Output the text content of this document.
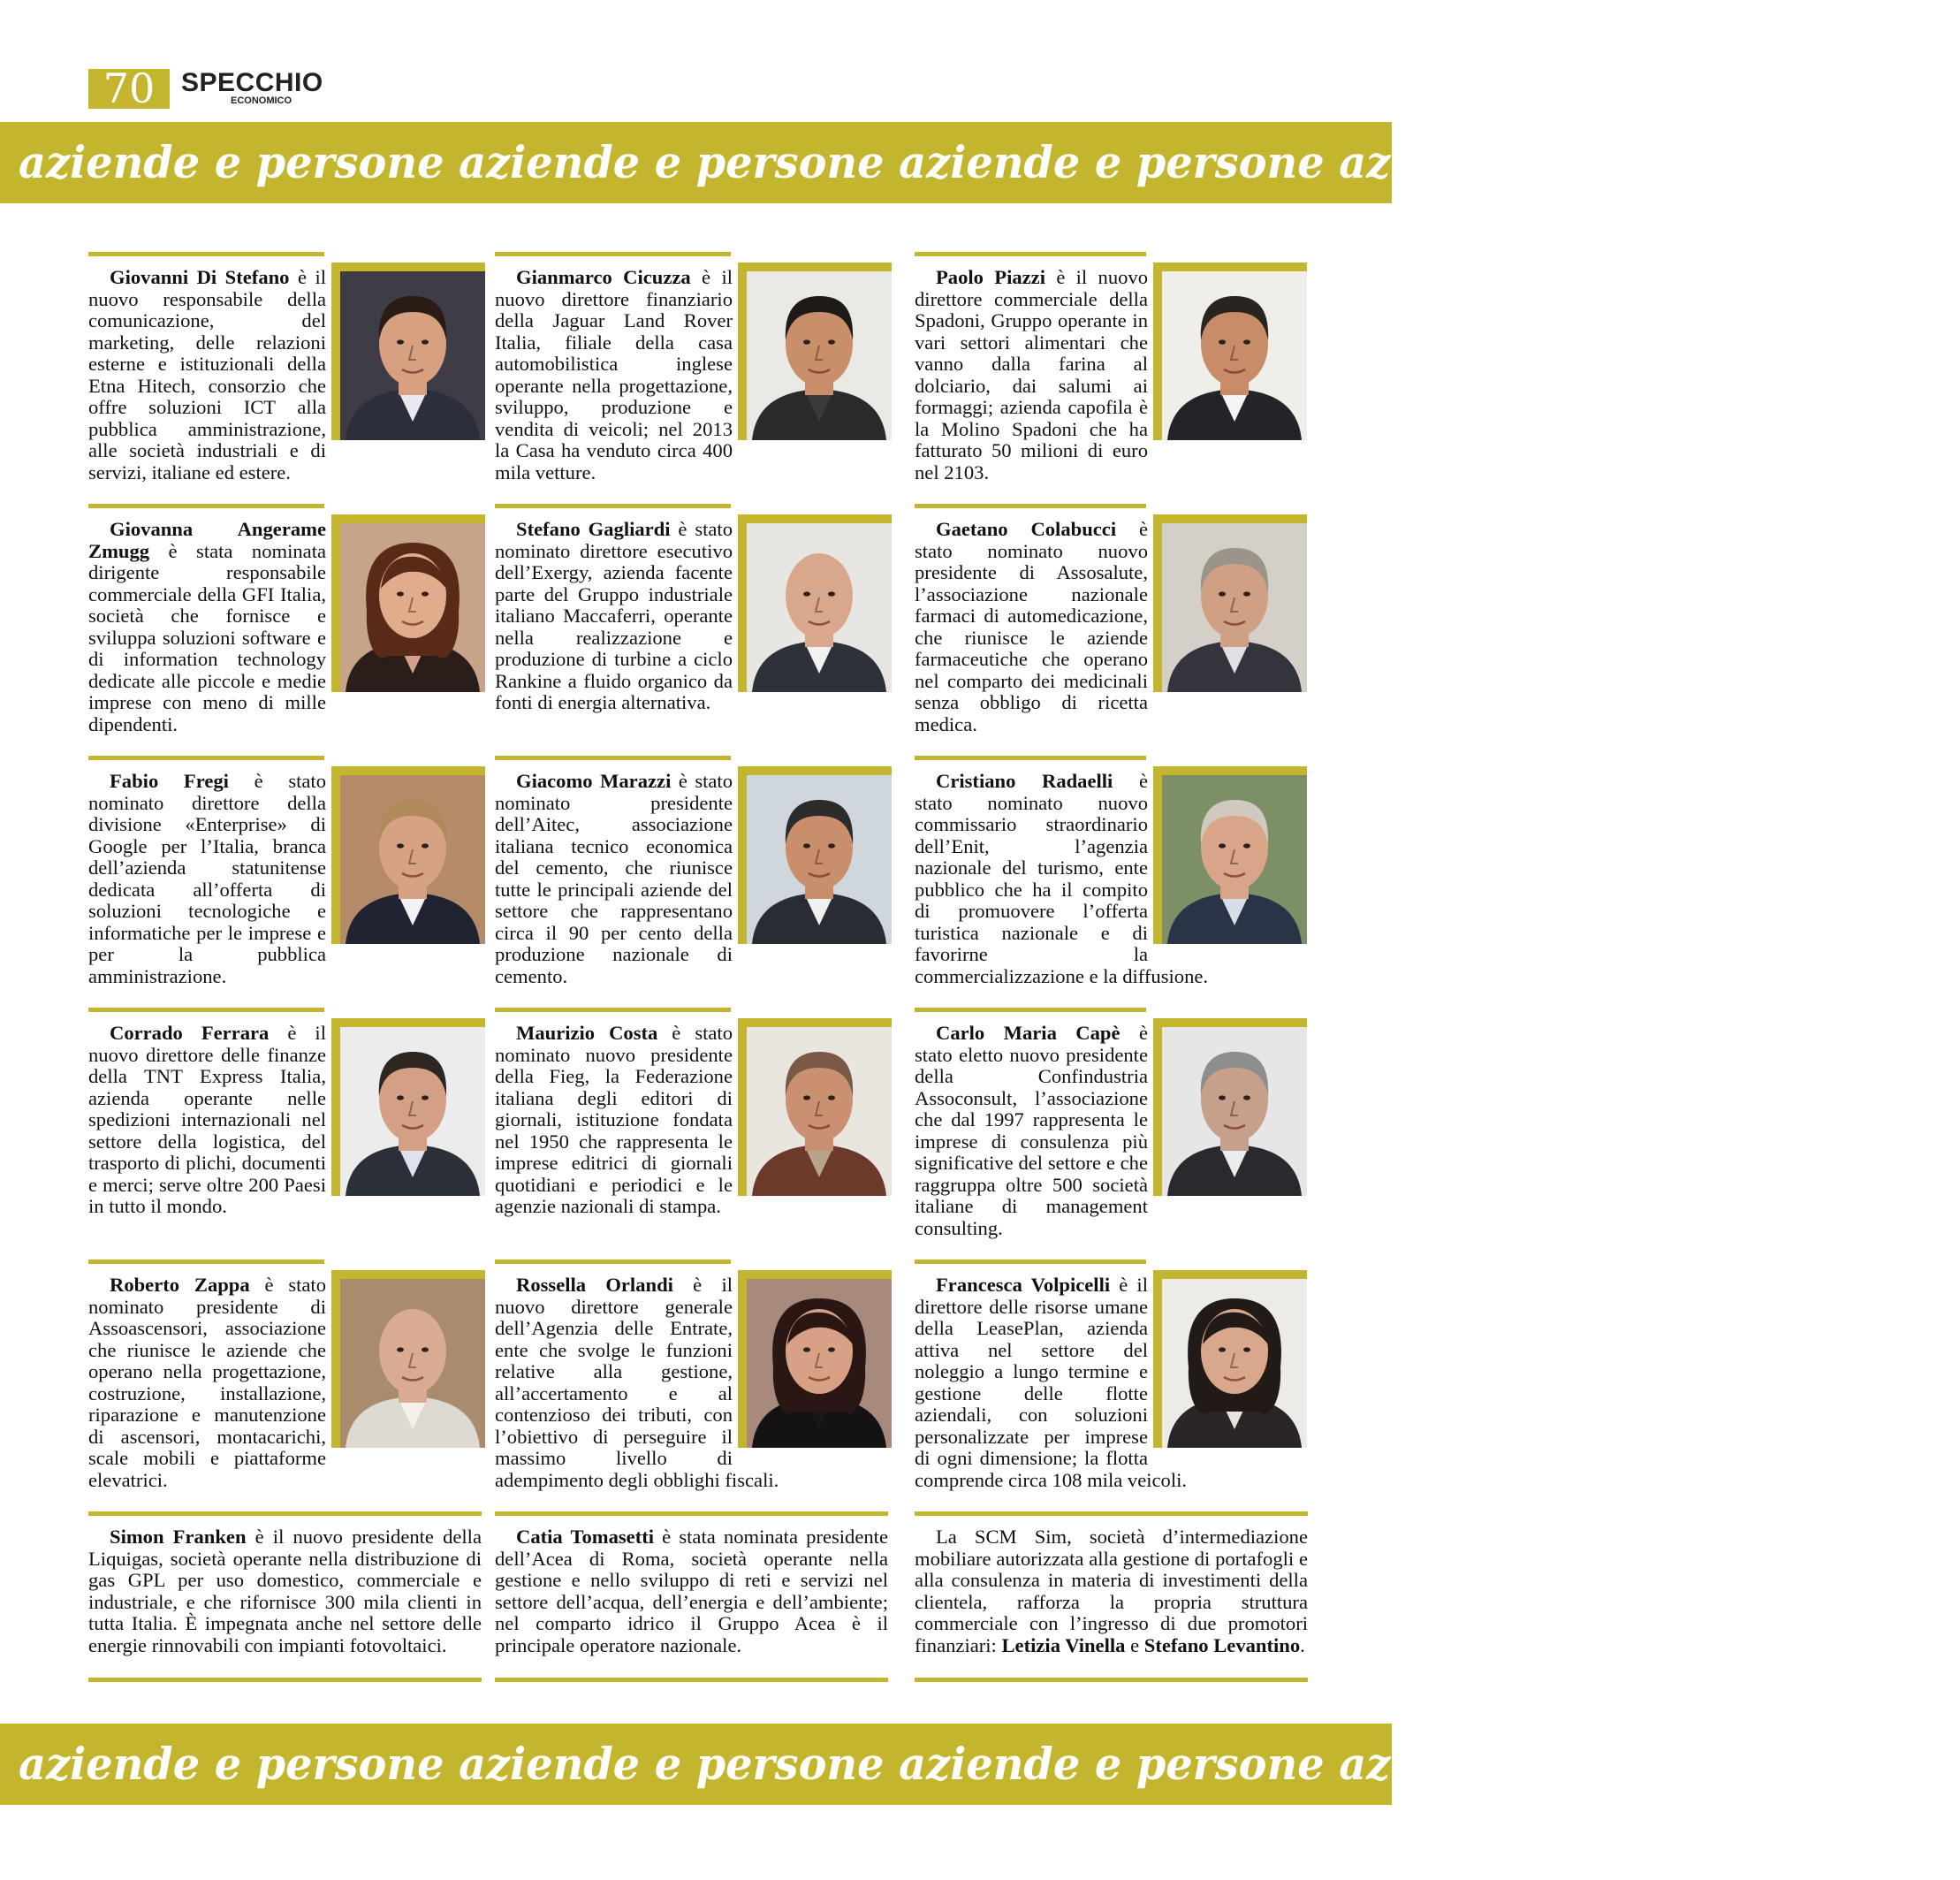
70 SPECCHIO
ECONOMICO
aziende e persone aziende e persone aziende e persone aziende e persone aziende
Giovanni Di Stefano è il nuovo responsabile della comunicazione, del marketing, delle relazioni esterne e istituzionali della Etna Hitech, consorzio che offre soluzioni ICT alla pubblica amministrazione, alle società industriali e di servizi, italiane ed estere.
Gianmarco Cicuzza è il nuovo direttore finanziario della Jaguar Land Rover Italia, filiale della casa automobilistica inglese operante nella progettazione, sviluppo, produzione e vendita di veicoli; nel 2013 la Casa ha venduto circa 400 mila vetture.
Paolo Piazzi è il nuovo direttore commerciale della Spadoni, Gruppo operante in vari settori alimentari che vanno dalla farina al dolciario, dai salumi ai formaggi; azienda capofila è la Molino Spadoni che ha fatturato 50 milioni di euro nel 2103.
Giovanna Angerame Zmugg è stata nominata dirigente responsabile commerciale della GFI Italia, società che fornisce e sviluppa soluzioni software e di information technology dedicate alle piccole e medie imprese con meno di mille dipendenti.
Stefano Gagliardi è stato nominato direttore esecutivo dell’Exergy, azienda facente parte del Gruppo industriale italiano Maccaferri, operante nella realizzazione e produzione di turbine a ciclo Rankine a fluido organico da fonti di energia alternativa.
Gaetano Colabucci è stato nominato nuovo presidente di Assosalute, l’associazione nazionale farmaci di automedicazione, che riunisce le aziende farmaceutiche che operano nel comparto dei medicinali senza obbligo di ricetta medica.
Fabio Fregi è stato nominato direttore della divisione «Enterprise» di Google per l’Italia, branca dell’azienda statunitense dedicata all’offerta di soluzioni tecnologiche e informatiche per le imprese e per la pubblica amministrazione.
Giacomo Marazzi è stato nominato presidente dell’Aitec, associazione italiana tecnico economica del cemento, che riunisce tutte le principali aziende del settore che rappresentano circa il 90 per cento della produzione nazionale di cemento.
Cristiano Radaelli è stato nominato nuovo commissario straordinario dell’Enit, l’agenzia nazionale del turismo, ente pubblico che ha il compito di promuovere l’offerta turistica nazionale e di favorirne la commercializzazione e la diffusione.
Corrado Ferrara è il nuovo direttore delle finanze della TNT Express Italia, azienda operante nelle spedizioni internazionali nel settore della logistica, del trasporto di plichi, documenti e merci; serve oltre 200 Paesi in tutto il mondo.
Maurizio Costa è stato nominato nuovo presidente della Fieg, la Federazione italiana degli editori di giornali, istituzione fondata nel 1950 che rappresenta le imprese editrici di giornali quotidiani e periodici e le agenzie nazionali di stampa.
Carlo Maria Capè è stato eletto nuovo presidente della Confindustria Assoconsult, l’associazione che dal 1997 rappresenta le imprese di consulenza più significative del settore e che raggruppa oltre 500 società italiane di management consulting.
Roberto Zappa è stato nominato presidente di Assoascensori, associazione che riunisce le aziende che operano nella progettazione, costruzione, installazione, riparazione e manutenzione di ascensori, montacarichi, scale mobili e piattaforme elevatrici.
Rossella Orlandi è il nuovo direttore generale dell’Agenzia delle Entrate, ente che svolge le funzioni relative alla gestione, all’accertamento e al contenzioso dei tributi, con l’obiettivo di perseguire il massimo livello di adempimento degli obblighi fiscali.
Francesca Volpicelli è il direttore delle risorse umane della LeasePlan, azienda attiva nel settore del noleggio a lungo termine e gestione delle flotte aziendali, con soluzioni personalizzate per imprese di ogni dimensione; la flotta comprende circa 108 mila veicoli.
Simon Franken è il nuovo presidente della Liquigas, società operante nella distribuzione di gas GPL per uso domestico, commerciale e industriale, e che rifornisce 300 mila clienti in tutta Italia. È impegnata anche nel settore delle energie rinnovabili con impianti fotovoltaici.
Catia Tomasetti è stata nominata presidente dell’Acea di Roma, società operante nella gestione e nello sviluppo di reti e servizi nel settore dell’acqua, dell’energia e dell’ambiente; nel comparto idrico il Gruppo Acea è il principale operatore nazionale.
La SCM Sim, società d’intermediazione mobiliare autorizzata alla gestione di portafogli e alla consulenza in materia di investimenti della clientela, rafforza la propria struttura commerciale con l’ingresso di due promotori finanziari: Letizia Vinella e Stefano Levantino.
aziende e persone aziende e persone aziende e persone aziende e persone aziende
